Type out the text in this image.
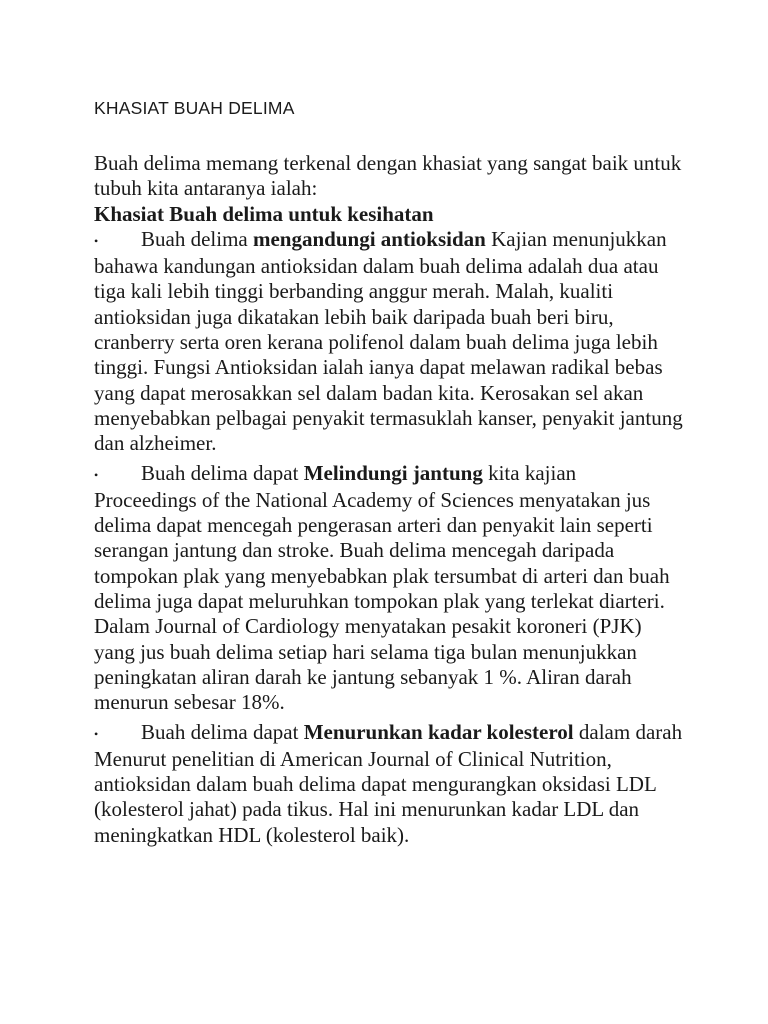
KHASIAT BUAH DELIMA

Buah delima memang terkenal dengan khasiat yang sangat baik untuk tubuh kita antaranya ialah:

Khasiat Buah delima untuk kesihatan

• Buah delima mengandungi antioksidan Kajian menunjukkan bahawa kandungan antioksidan dalam buah delima adalah dua atau tiga kali lebih tinggi berbanding anggur merah. Malah, kualiti antioksidan juga dikatakan lebih baik daripada buah beri biru, cranberry serta oren kerana polifenol dalam buah delima juga lebih tinggi. Fungsi Antioksidan ialah ianya dapat melawan radikal bebas yang dapat merosakkan sel dalam badan kita. Kerosakan sel akan menyebabkan pelbagai penyakit termasuklah kanser, penyakit jantung dan alzheimer.
• Buah delima dapat Melindungi jantung kita kajian Proceedings of the National Academy of Sciences menyatakan jus delima dapat mencegah pengerasan arteri dan penyakit lain seperti serangan jantung dan stroke. Buah delima mencegah daripada tompokan plak yang menyebabkan plak tersumbat di arteri dan buah delima juga dapat meluruhkan tompokan plak yang terlekat diarteri. Dalam Journal of Cardiology menyatakan pesakit koroneri (PJK) yang jus buah delima setiap hari selama tiga bulan menunjukkan peningkatan aliran darah ke jantung sebanyak 1 %. Aliran darah menurun sebesar 18%.
• Buah delima dapat Menurunkan kadar kolesterol dalam darah Menurut penelitian di American Journal of Clinical Nutrition, antioksidan dalam buah delima dapat mengurangkan oksidasi LDL (kolesterol jahat) pada tikus. Hal ini menurunkan kadar LDL dan meningkatkan HDL (kolesterol baik).
